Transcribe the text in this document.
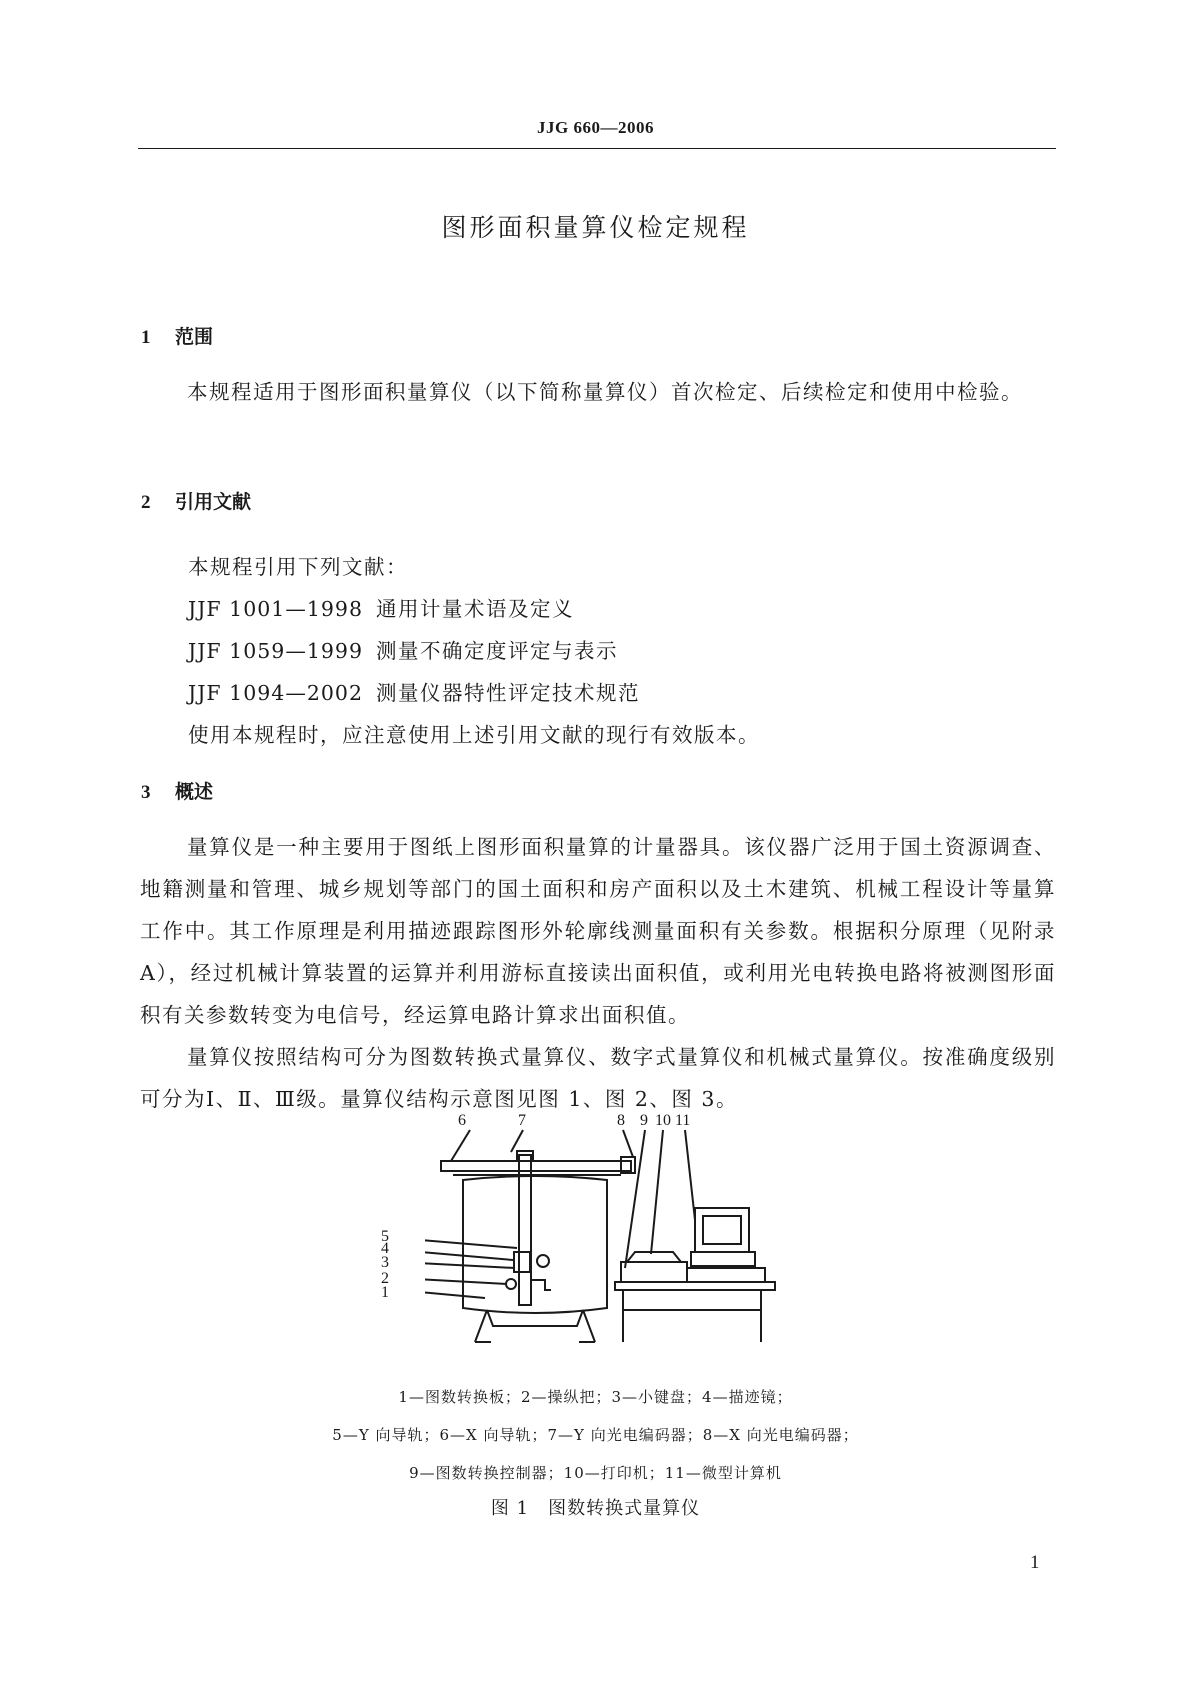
JJG 660—2006
图形面积量算仪检定规程
1 范围
本规程适用于图形面积量算仪（以下简称量算仪）首次检定、后续检定和使用中检验。
2 引用文献
本规程引用下列文献：
JJF 1001—1998 通用计量术语及定义
JJF 1059—1999 测量不确定度评定与表示
JJF 1094—2002 测量仪器特性评定技术规范
使用本规程时，应注意使用上述引用文献的现行有效版本。
3 概述
量算仪是一种主要用于图纸上图形面积量算的计量器具。该仪器广泛用于国土资源调查、地籍测量和管理、城乡规划等部门的国土面积和房产面积以及土木建筑、机械工程设计等量算工作中。其工作原理是利用描迹跟踪图形外轮廓线测量面积有关参数。根据积分原理（见附录 A），经过机械计算装置的运算并利用游标直接读出面积值，或利用光电转换电路将被测图形面积有关参数转变为电信号，经运算电路计算求出面积值。
量算仪按照结构可分为图数转换式量算仪、数字式量算仪和机械式量算仪。按准确度级别可分为Ⅰ、Ⅱ、Ⅲ级。量算仪结构示意图见图 1、图 2、图 3。
6	7	8 9 10 11
5
4
3
2
1
1—图数转换板；2—操纵把；3—小键盘；4—描迹镜；
5—Y 向导轨；6—X 向导轨；7—Y 向光电编码器；8—X 向光电编码器；
9—图数转换控制器；10—打印机；11—微型计算机
图 1　图数转换式量算仪
1
